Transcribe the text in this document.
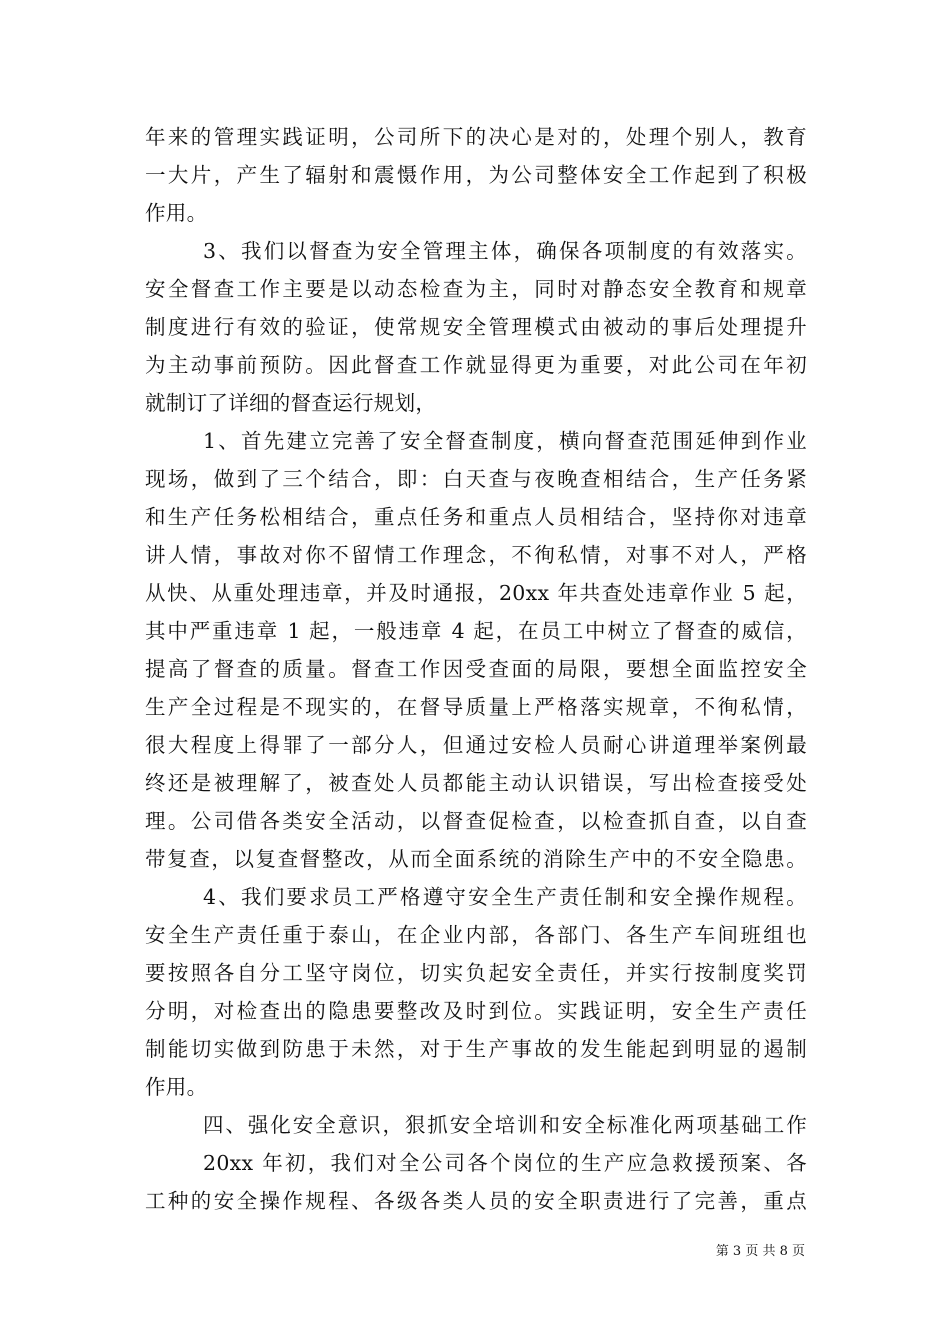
年来的管理实践证明，公司所下的决心是对的，处理个别人，教育
一大片，产生了辐射和震慑作用，为公司整体安全工作起到了积极
作用。
3、我们以督查为安全管理主体，确保各项制度的有效落实。
安全督查工作主要是以动态检查为主，同时对静态安全教育和规章
制度进行有效的验证，使常规安全管理模式由被动的事后处理提升
为主动事前预防。因此督查工作就显得更为重要，对此公司在年初
就制订了详细的督查运行规划，
1、首先建立完善了安全督查制度，横向督查范围延伸到作业
现场，做到了三个结合，即：白天查与夜晚查相结合，生产任务紧
和生产任务松相结合，重点任务和重点人员相结合，坚持你对违章
讲人情，事故对你不留情工作理念，不徇私情，对事不对人，严格
从快、从重处理违章，并及时通报，20xx 年共查处违章作业 5 起，
其中严重违章 1 起，一般违章 4 起，在员工中树立了督查的威信，
提高了督查的质量。督查工作因受查面的局限，要想全面监控安全
生产全过程是不现实的，在督导质量上严格落实规章，不徇私情，
很大程度上得罪了一部分人，但通过安检人员耐心讲道理举案例最
终还是被理解了，被查处人员都能主动认识错误，写出检查接受处
理。公司借各类安全活动，以督查促检查，以检查抓自查，以自查
带复查，以复查督整改，从而全面系统的消除生产中的不安全隐患。
4、我们要求员工严格遵守安全生产责任制和安全操作规程。
安全生产责任重于泰山，在企业内部，各部门、各生产车间班组也
要按照各自分工坚守岗位，切实负起安全责任，并实行按制度奖罚
分明，对检查出的隐患要整改及时到位。实践证明，安全生产责任
制能切实做到防患于未然，对于生产事故的发生能起到明显的遏制
作用。
四、强化安全意识，狠抓安全培训和安全标准化两项基础工作
20xx 年初，我们对全公司各个岗位的生产应急救援预案、各
工种的安全操作规程、各级各类人员的安全职责进行了完善，重点
第 3 页 共 8 页
